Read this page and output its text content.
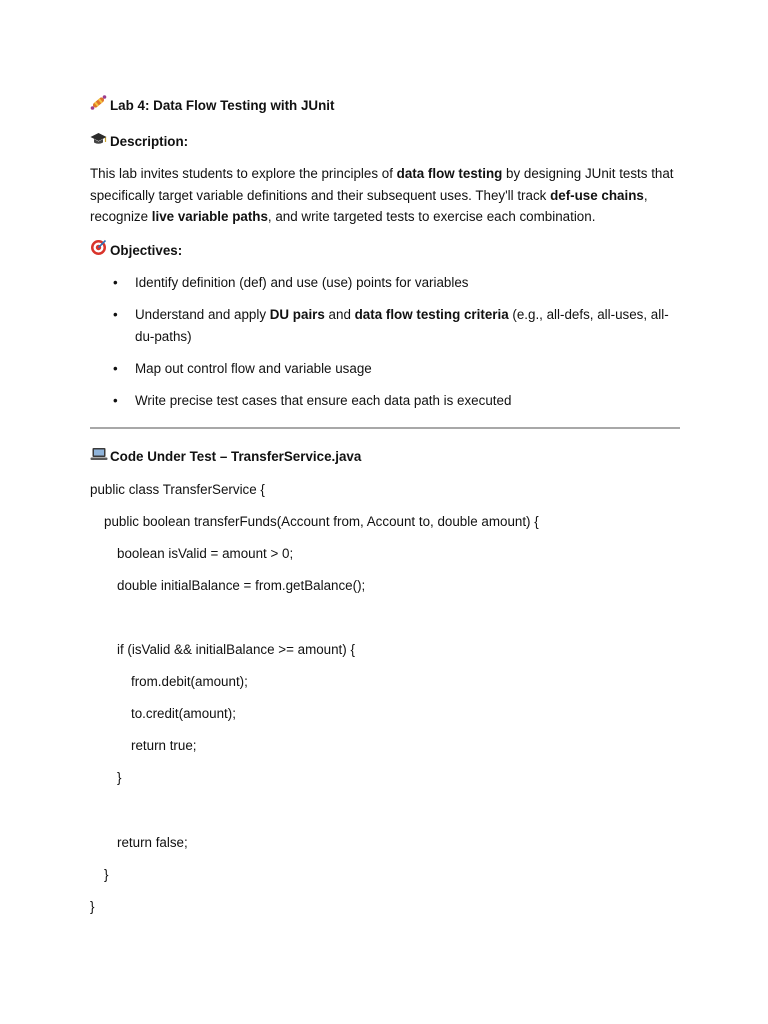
Lab 4: Data Flow Testing with JUnit
Description:

This lab invites students to explore the principles of data flow testing by designing JUnit tests that specifically target variable definitions and their subsequent uses. They'll track def-use chains, recognize live variable paths, and write targeted tests to exercise each combination.

Objectives:
• Identify definition (def) and use (use) points for variables
• Understand and apply DU pairs and data flow testing criteria (e.g., all-defs, all-uses, all-du-paths)
• Map out control flow and variable usage
• Write precise test cases that ensure each data path is executed
Code Under Test – TransferService.java
public class TransferService {
public boolean transferFunds(Account from, Account to, double amount) {
boolean isValid = amount > 0;
double initialBalance = from.getBalance();
if (isValid && initialBalance >= amount) {
from.debit(amount);
to.credit(amount);
return true;
}
return false;
}
}
